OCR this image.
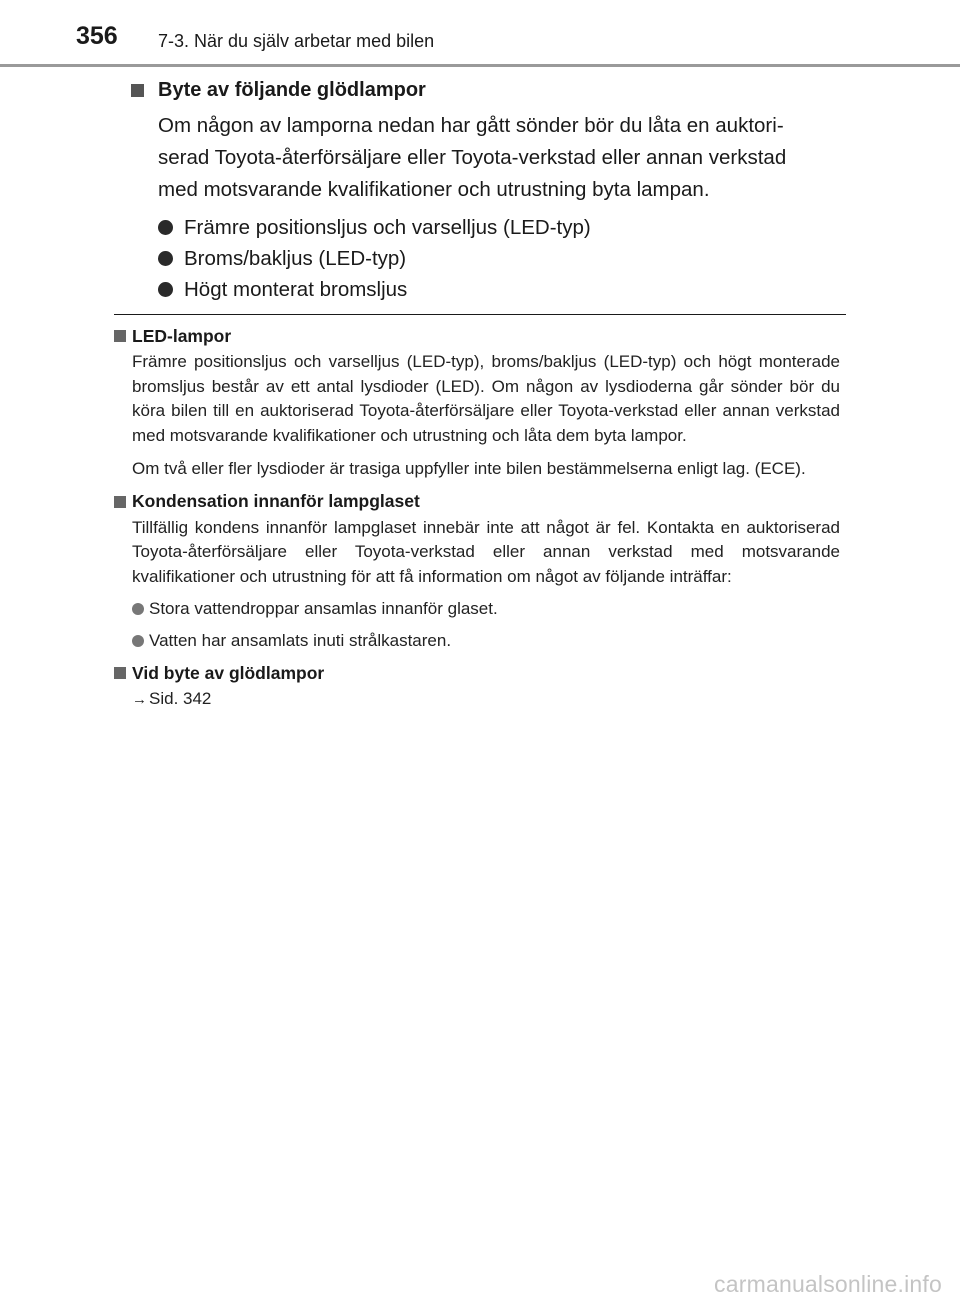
356 7-3. När du själv arbetar med bilen
Byte av följande glödlampor
Om någon av lamporna nedan har gått sönder bör du låta en auktori-
serad Toyota-återförsäljare eller Toyota-verkstad eller annan verkstad
med motsvarande kvalifikationer och utrustning byta lampan.
Främre positionsljus och varselljus (LED-typ)
Broms/bakljus (LED-typ)
Högt monterat bromsljus
LED-lampor

Främre positionsljus och varselljus (LED-typ), broms/bakljus (LED-typ) och högt monterade bromsljus består av ett antal lysdioder (LED). Om någon av lysdioderna går sönder bör du köra bilen till en auktoriserad Toyota-återförsäljare eller Toyota-verkstad eller annan verkstad med motsvarande kvalifikationer och utrustning och låta dem byta lampor.

Om två eller fler lysdioder är trasiga uppfyller inte bilen bestämmelserna enligt lag. (ECE).

Kondensation innanför lampglaset

Tillfällig kondens innanför lampglaset innebär inte att något är fel. Kontakta en auktoriserad Toyota-återförsäljare eller Toyota-verkstad eller annan verkstad med motsvarande kvalifikationer och utrustning för att få information om något av följande inträffar:

Stora vattendroppar ansamlas innanför glaset.
Vatten har ansamlats inuti strålkastaren.
Vid byte av glödlampor
→ Sid. 342
carmanualsonline.info
